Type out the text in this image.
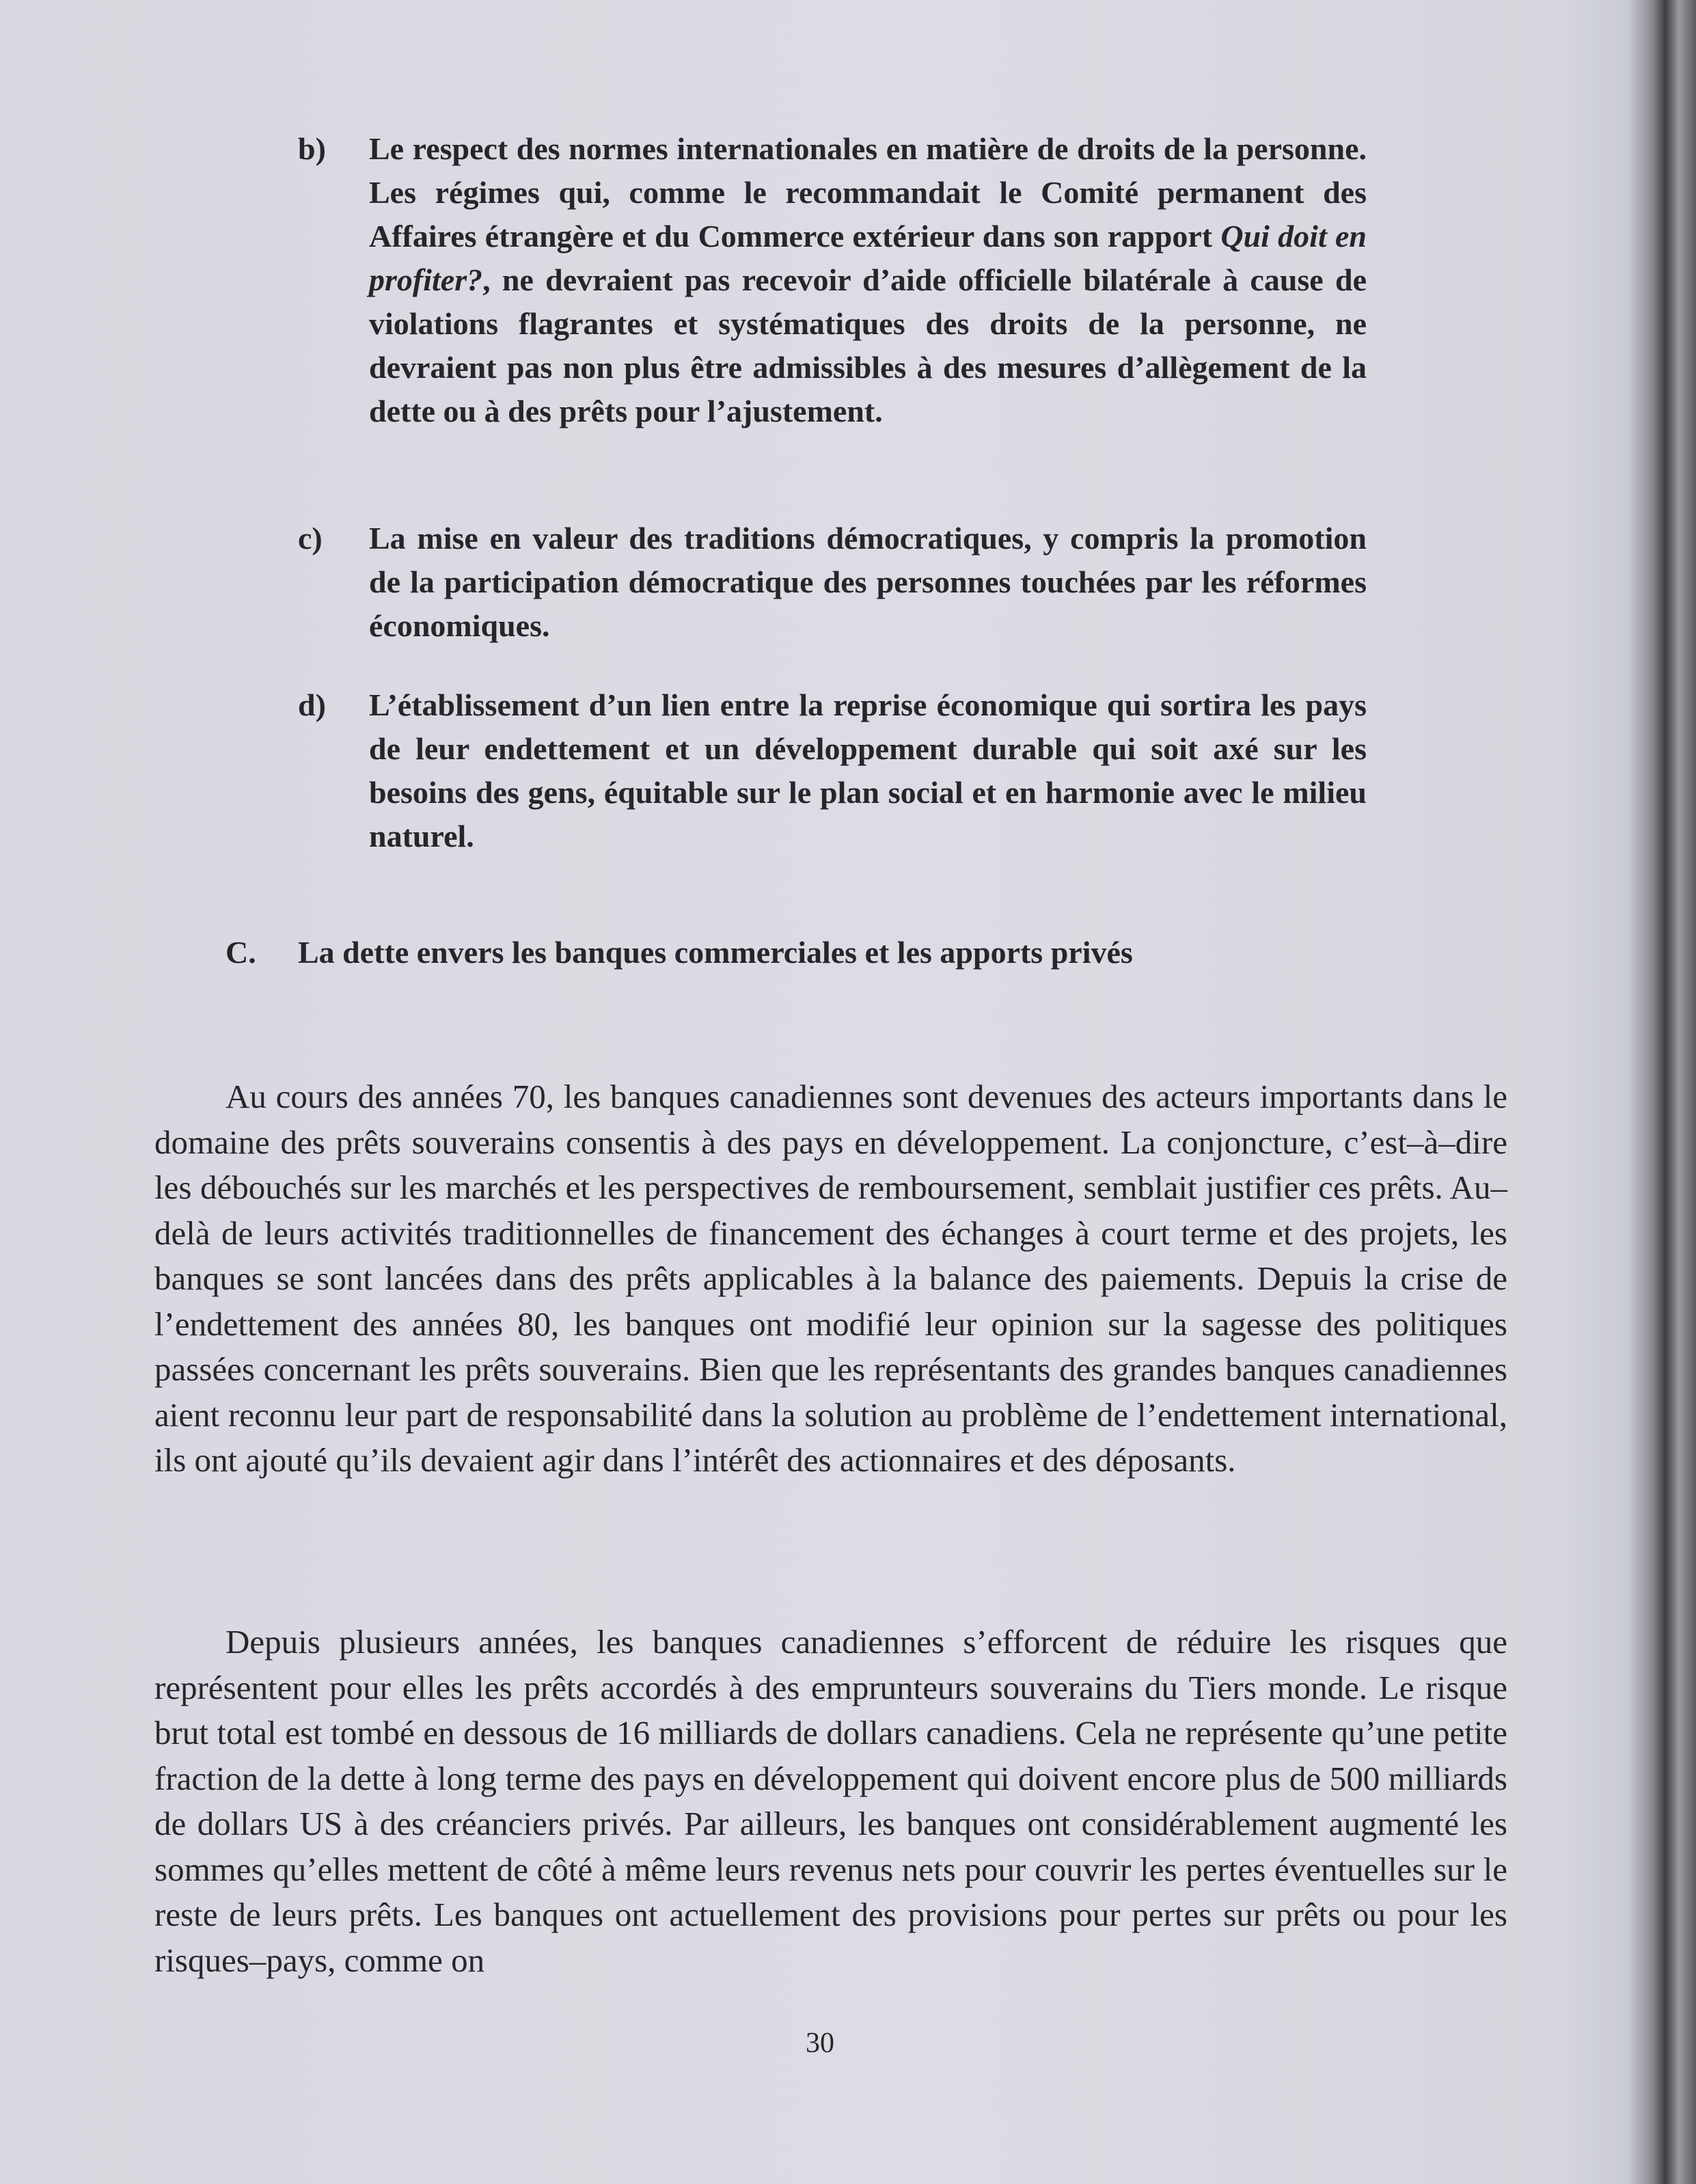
b) Le respect des normes internationales en matière de droits de la personne. Les régimes qui, comme le recommandait le Comité permanent des Affaires étrangère et du Commerce extérieur dans son rapport Qui doit en profiter?, ne devraient pas recevoir d’aide officielle bilatérale à cause de violations flagrantes et systématiques des droits de la personne, ne devraient pas non plus être admissibles à des mesures d’allègement de la dette ou à des prêts pour l’ajustement.
c) La mise en valeur des traditions démocratiques, y compris la promotion de la participation démocratique des personnes touchées par les réformes économiques.
d) L’établissement d’un lien entre la reprise économique qui sortira les pays de leur endettement et un développement durable qui soit axé sur les besoins des gens, équitable sur le plan social et en harmonie avec le milieu naturel.
C. La dette envers les banques commerciales et les apports privés

Au cours des années 70, les banques canadiennes sont devenues des acteurs importants dans le domaine des prêts souverains consentis à des pays en développement. La conjoncture, c’est–à–dire les débouchés sur les marchés et les perspectives de remboursement, semblait justifier ces prêts. Au–delà de leurs activités traditionnelles de financement des échanges à court terme et des projets, les banques se sont lancées dans des prêts applicables à la balance des paiements. Depuis la crise de l’endettement des années 80, les banques ont modifié leur opinion sur la sagesse des politiques passées concernant les prêts souverains. Bien que les représentants des grandes banques canadiennes aient reconnu leur part de responsabilité dans la solution au problème de l’endettement international, ils ont ajouté qu’ils devaient agir dans l’intérêt des actionnaires et des déposants.

Depuis plusieurs années, les banques canadiennes s’efforcent de réduire les risques que représentent pour elles les prêts accordés à des emprunteurs souverains du Tiers monde. Le risque brut total est tombé en dessous de 16 milliards de dollars canadiens. Cela ne représente qu’une petite fraction de la dette à long terme des pays en développement qui doivent encore plus de 500 milliards de dollars US à des créanciers privés. Par ailleurs, les banques ont considérablement augmenté les sommes qu’elles mettent de côté à même leurs revenus nets pour couvrir les pertes éventuelles sur le reste de leurs prêts. Les banques ont actuellement des provisions pour pertes sur prêts ou pour les risques–pays, comme on

30
